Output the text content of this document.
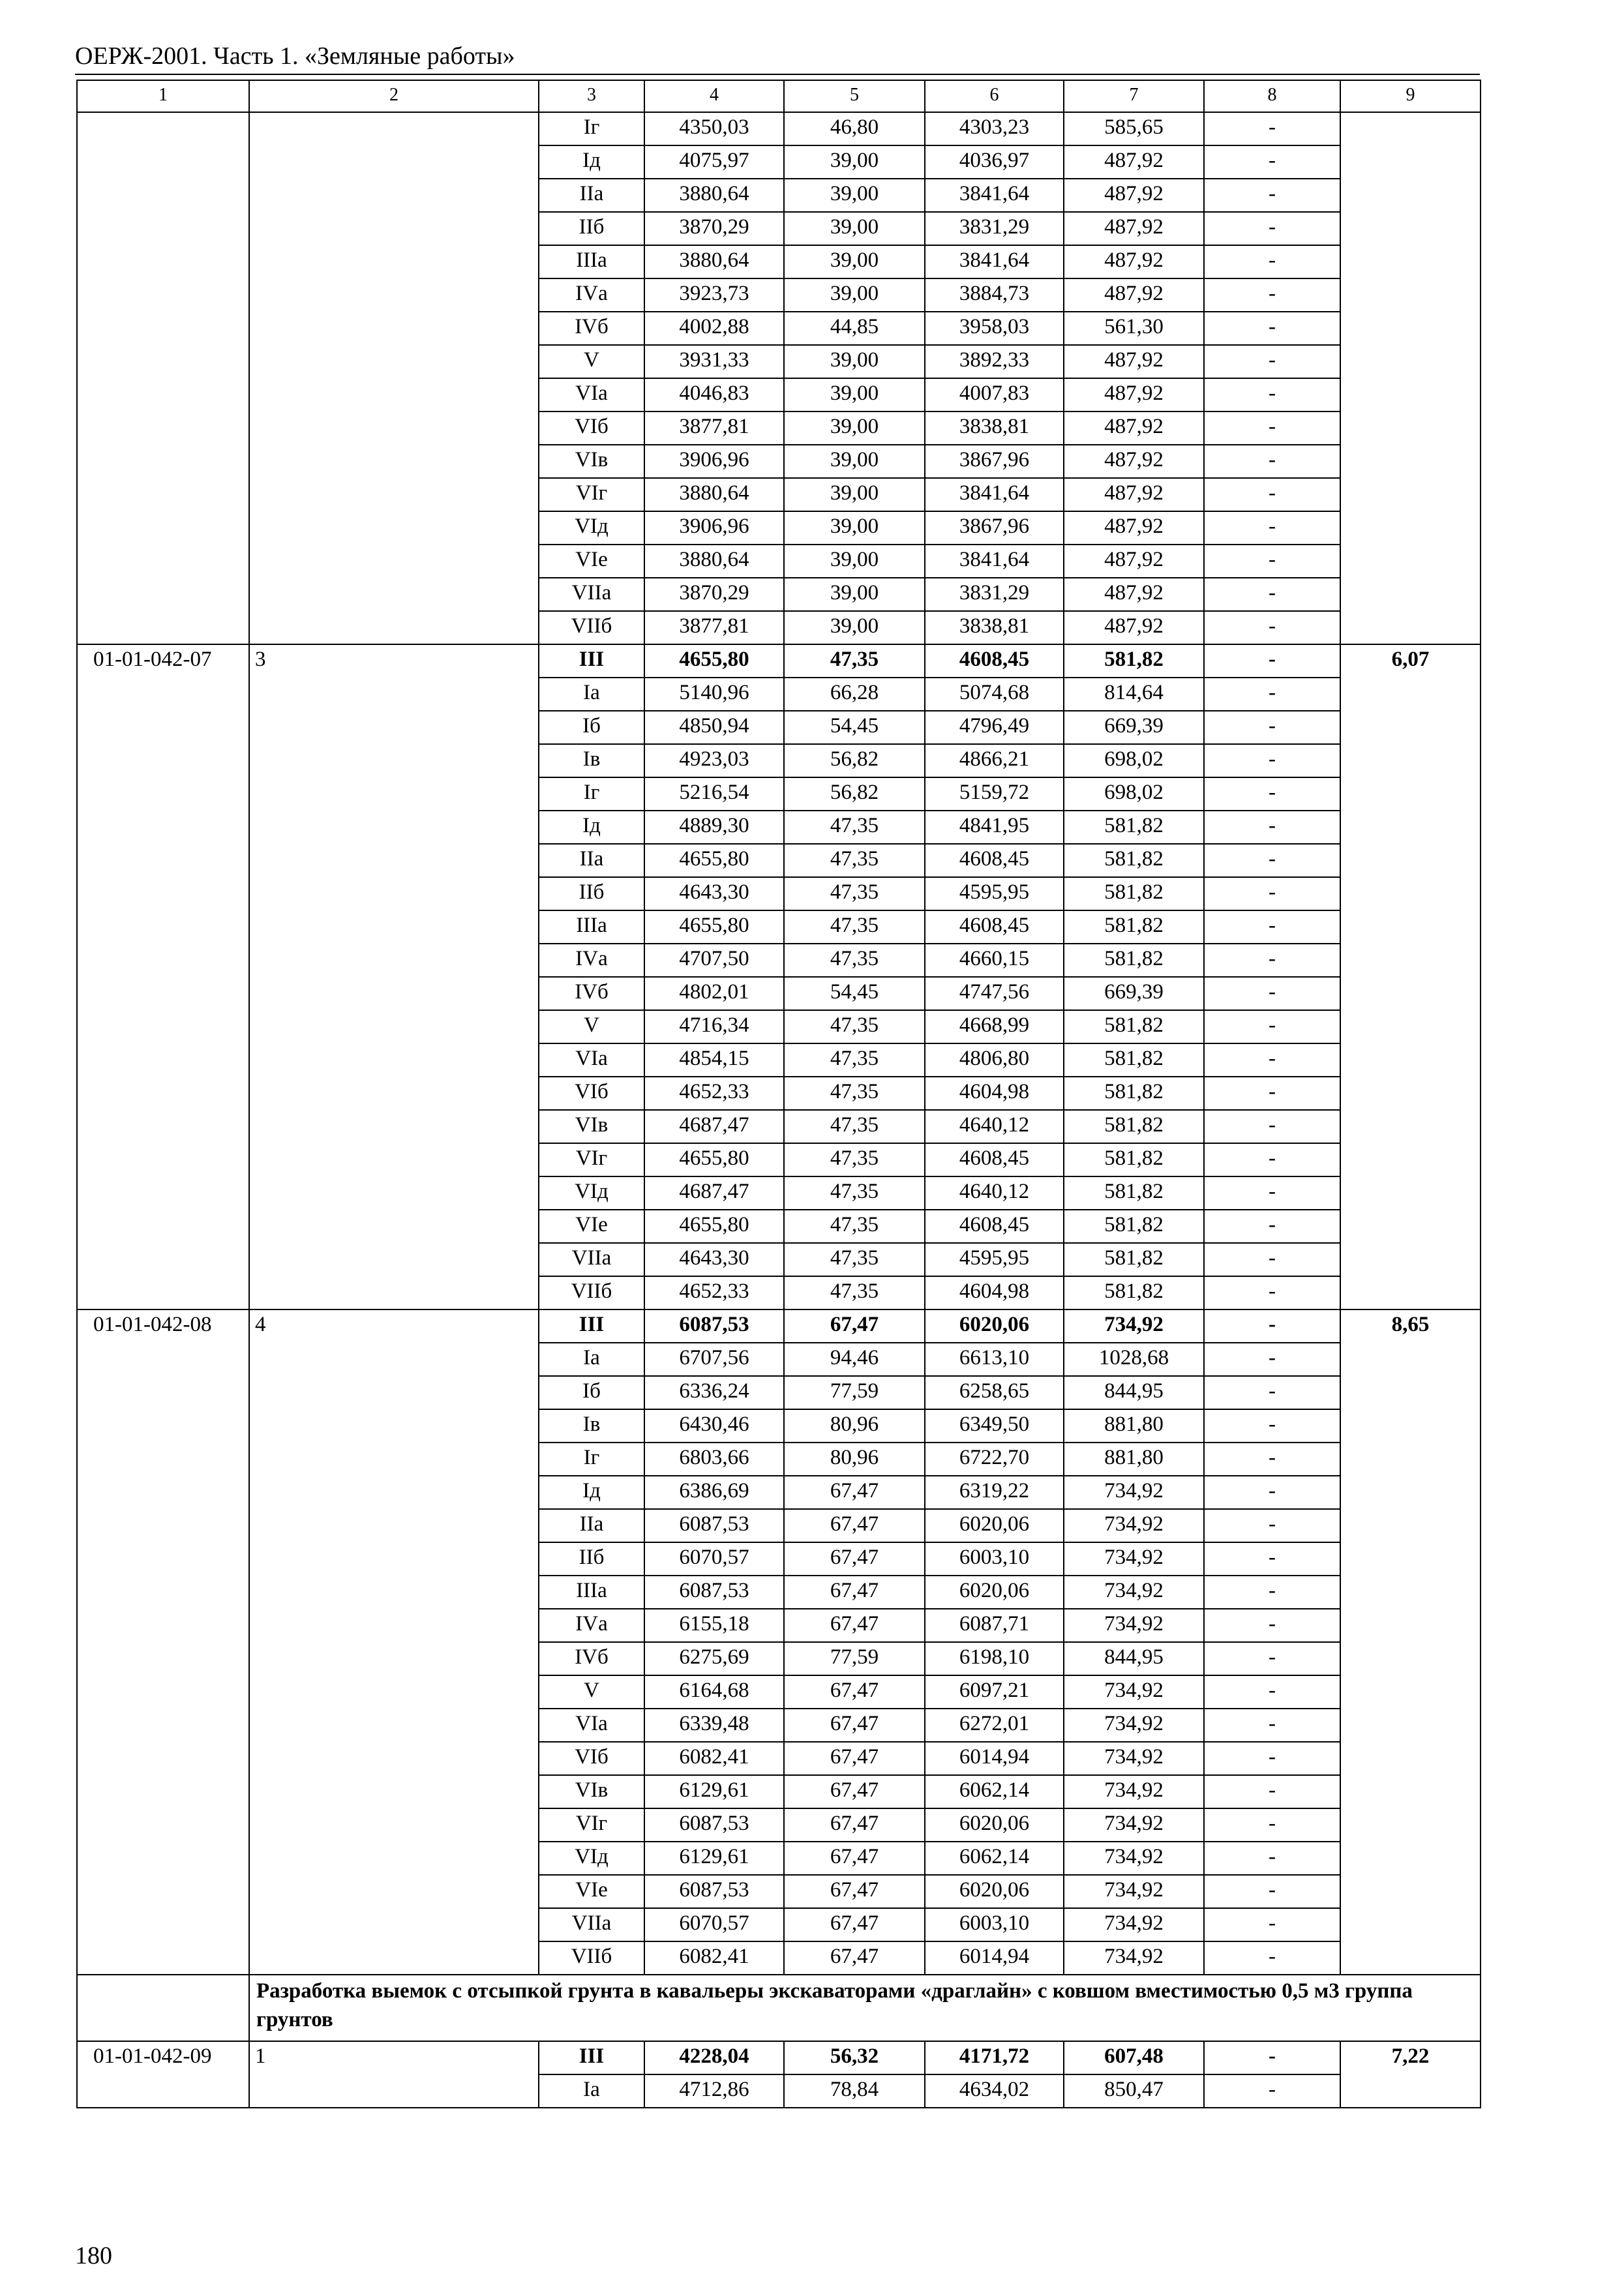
ОЕРЖ-2001. Часть 1. «Земляные работы»
1	2	3	4	5	6	7	8	9
		Iг	4350,03	46,80	4303,23	585,65	-	
		Iд	4075,97	39,00	4036,97	487,92	-	
		IIа	3880,64	39,00	3841,64	487,92	-	
		IIб	3870,29	39,00	3831,29	487,92	-	
		IIIа	3880,64	39,00	3841,64	487,92	-	
		IVа	3923,73	39,00	3884,73	487,92	-	
		IVб	4002,88	44,85	3958,03	561,30	-	
		V	3931,33	39,00	3892,33	487,92	-	
		VIа	4046,83	39,00	4007,83	487,92	-	
		VIб	3877,81	39,00	3838,81	487,92	-	
		VIв	3906,96	39,00	3867,96	487,92	-	
		VIг	3880,64	39,00	3841,64	487,92	-	
		VIд	3906,96	39,00	3867,96	487,92	-	
		VIе	3880,64	39,00	3841,64	487,92	-	
		VIIа	3870,29	39,00	3831,29	487,92	-	
		VIIб	3877,81	39,00	3838,81	487,92	-	
01-01-042-07	3	III	4655,80	47,35	4608,45	581,82	-	6,07
		Iа	5140,96	66,28	5074,68	814,64	-	
		Iб	4850,94	54,45	4796,49	669,39	-	
		Iв	4923,03	56,82	4866,21	698,02	-	
		Iг	5216,54	56,82	5159,72	698,02	-	
		Iд	4889,30	47,35	4841,95	581,82	-	
		IIа	4655,80	47,35	4608,45	581,82	-	
		IIб	4643,30	47,35	4595,95	581,82	-	
		IIIа	4655,80	47,35	4608,45	581,82	-	
		IVа	4707,50	47,35	4660,15	581,82	-	
		IVб	4802,01	54,45	4747,56	669,39	-	
		V	4716,34	47,35	4668,99	581,82	-	
		VIа	4854,15	47,35	4806,80	581,82	-	
		VIб	4652,33	47,35	4604,98	581,82	-	
		VIв	4687,47	47,35	4640,12	581,82	-	
		VIг	4655,80	47,35	4608,45	581,82	-	
		VIд	4687,47	47,35	4640,12	581,82	-	
		VIе	4655,80	47,35	4608,45	581,82	-	
		VIIа	4643,30	47,35	4595,95	581,82	-	
		VIIб	4652,33	47,35	4604,98	581,82	-	
01-01-042-08	4	III	6087,53	67,47	6020,06	734,92	-	8,65
		Iа	6707,56	94,46	6613,10	1028,68	-	
		Iб	6336,24	77,59	6258,65	844,95	-	
		Iв	6430,46	80,96	6349,50	881,80	-	
		Iг	6803,66	80,96	6722,70	881,80	-	
		Iд	6386,69	67,47	6319,22	734,92	-	
		IIа	6087,53	67,47	6020,06	734,92	-	
		IIб	6070,57	67,47	6003,10	734,92	-	
		IIIа	6087,53	67,47	6020,06	734,92	-	
		IVа	6155,18	67,47	6087,71	734,92	-	
		IVб	6275,69	77,59	6198,10	844,95	-	
		V	6164,68	67,47	6097,21	734,92	-	
		VIа	6339,48	67,47	6272,01	734,92	-	
		VIб	6082,41	67,47	6014,94	734,92	-	
		VIв	6129,61	67,47	6062,14	734,92	-	
		VIг	6087,53	67,47	6020,06	734,92	-	
		VIд	6129,61	67,47	6062,14	734,92	-	
		VIе	6087,53	67,47	6020,06	734,92	-	
		VIIа	6070,57	67,47	6003,10	734,92	-	
		VIIб	6082,41	67,47	6014,94	734,92	-	
	Разработка выемок с отсыпкой грунта в кавальеры экскаваторами «драглайн» с ковшом вместимостью 0,5 м3 группа грунтов							
01-01-042-09	1	III	4228,04	56,32	4171,72	607,48	-	7,22
		Iа	4712,86	78,84	4634,02	850,47	-	
180
